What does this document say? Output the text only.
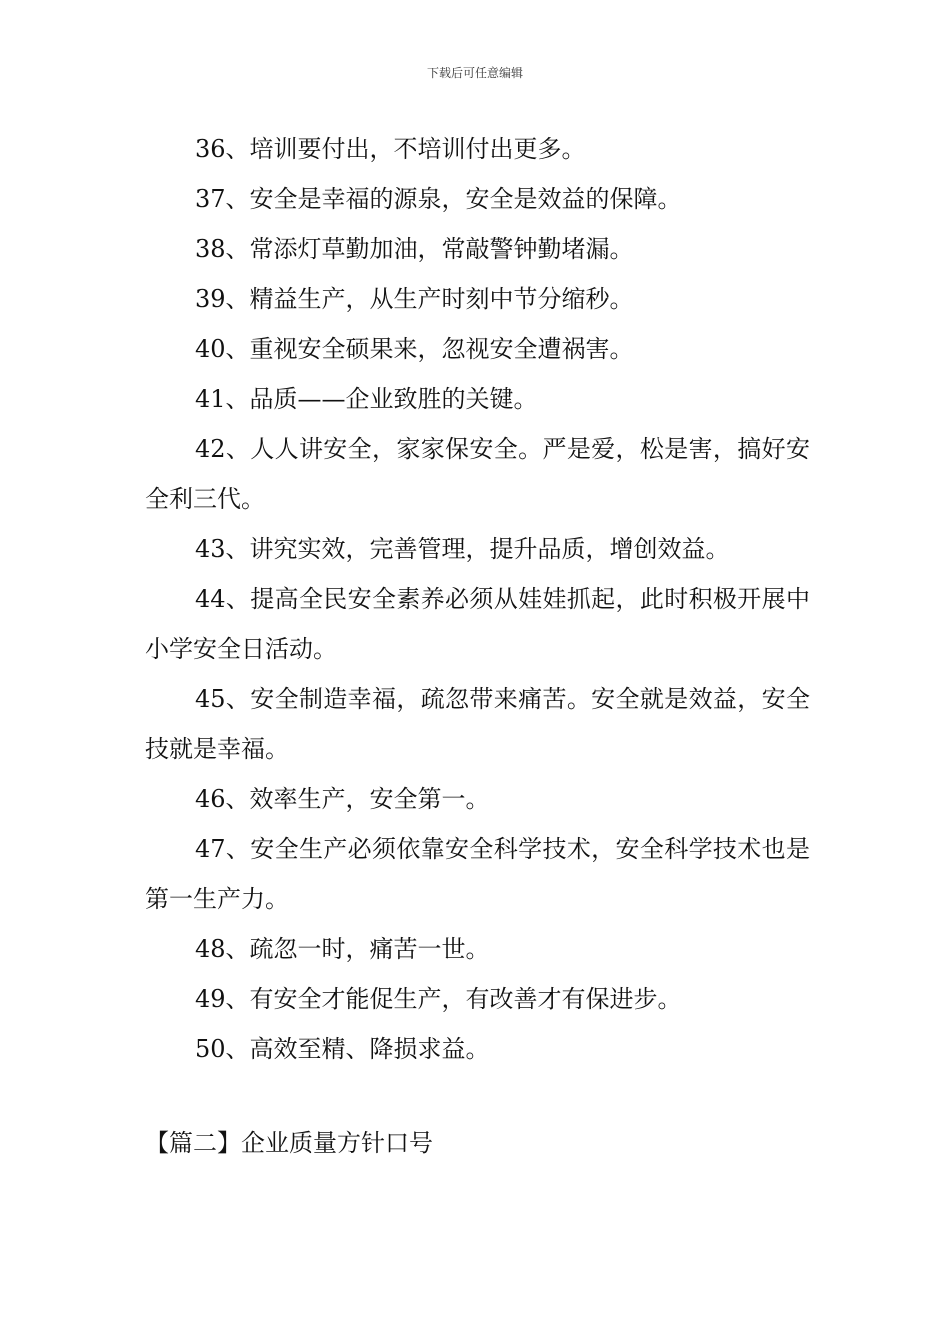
下载后可任意编辑
36、培训要付出，不培训付出更多。
37、安全是幸福的源泉，安全是效益的保障。
38、常添灯草勤加油，常敲警钟勤堵漏。
39、精益生产，从生产时刻中节分缩秒。
40、重视安全硕果来，忽视安全遭祸害。
41、品质——企业致胜的关键。
42、人人讲安全，家家保安全。严是爱，松是害，搞好安全利三代。
43、讲究实效，完善管理，提升品质，增创效益。
44、提高全民安全素养必须从娃娃抓起，此时积极开展中小学安全日活动。
45、安全制造幸福，疏忽带来痛苦。安全就是效益，安全技就是幸福。
46、效率生产，安全第一。
47、安全生产必须依靠安全科学技术，安全科学技术也是第一生产力。
48、疏忽一时，痛苦一世。
49、有安全才能促生产，有改善才有保进步。
50、高效至精、降损求益。
【篇二】企业质量方针口号
